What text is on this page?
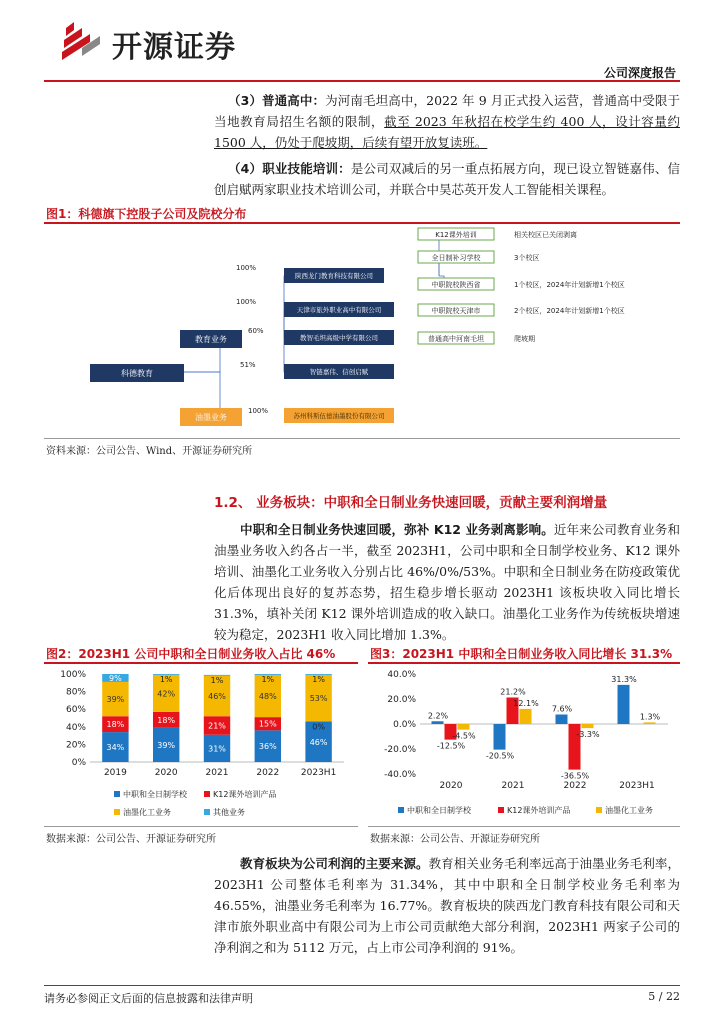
开源证券
公司深度报告
（3）普通高中：为河南毛坦高中，2022 年 9 月正式投入运营，普通高中受限于当地教育局招生名额的限制，截至 2023 年秋招在校学生约 400 人，设计容量约 1500 人，仍处于爬坡期，后续有望开放复读班。
（4）职业技能培训：是公司双减后的另一重点拓展方向，现已设立智链嘉伟、信创启赋两家职业技术培训公司，并联合中昊芯英开发人工智能相关课程。
图1：科德旗下控股子公司及院校分布
100%
100%
60%
51%
100%
科德教育
教育业务
油墨业务
陕西龙门教育科技有限公司
天津市旅外职业高中有限公司
教智毛坦高级中学有限公司
智链嘉伟、信创启赋
苏州科斯伍德油墨股份有限公司
K12课外培训
全日制补习学校
中职院校陕西省
中职院校天津市
普通高中河南毛坦
相关校区已关闭剥离
3个校区
1个校区，2024年计划新增1个校区
2个校区，2024年计划新增1个校区
爬坡期
资料来源：公司公告、Wind、开源证券研究所
1.2、 业务板块：中职和全日制业务快速回暖，贡献主要利润增量
中职和全日制业务快速回暖，弥补 K12 业务剥离影响。近年来公司教育业务和油墨业务收入约各占一半，截至 2023H1，公司中职和全日制学校业务、K12 课外培训、油墨化工业务收入分别占比 46%/0%/53%。中职和全日制业务在防疫政策优化后体现出良好的复苏态势，招生稳步增长驱动 2023H1 该板块收入同比增长 31.3%，填补关闭 K12 课外培训造成的收入缺口。油墨化工业务作为传统板块增速较为稳定，2023H1 收入同比增加 1.3%。
图2：2023H1 公司中职和全日制业务收入占比 46%	图3：2023H1 中职和全日制业务收入同比增长 31.3%
0%
20%
40%
60%
80%
100%
34%
18%
39%
9%
2019
39%
18%
42%
1%
2020
31%
21%
46%
1%
2021
36%
15%
48%
1%
2022
46%
0%
53%
1%
2023H1
中职和全日制学校	K12课外培训产品
油墨化工业务	其他业务
-40.0%
-20.0%
0.0%
20.0%
40.0%
2.2%
-12.5%
-4.5%
2020
-20.5%
21.2%
12.1%
2021
7.6%
-36.5%
-3.3%
2022
31.3%
1.3%
2023H1
中职和全日制学校	K12课外培训产品	油墨化工业务
数据来源：公司公告、开源证券研究所	数据来源：公司公告、开源证券研究所
教育板块为公司利润的主要来源。教育相关业务毛利率远高于油墨业务毛利率，2023H1 公司整体毛利率为 31.34%，其中中职和全日制学校业务毛利率为 46.55%，油墨业务毛利率为 16.77%。教育板块的陕西龙门教育科技有限公司和天津市旅外职业高中有限公司为上市公司贡献绝大部分利润，2023H1 两家子公司的净利润之和为 5112 万元，占上市公司净利润的 91%。
请务必参阅正文后面的信息披露和法律声明	5 / 22
